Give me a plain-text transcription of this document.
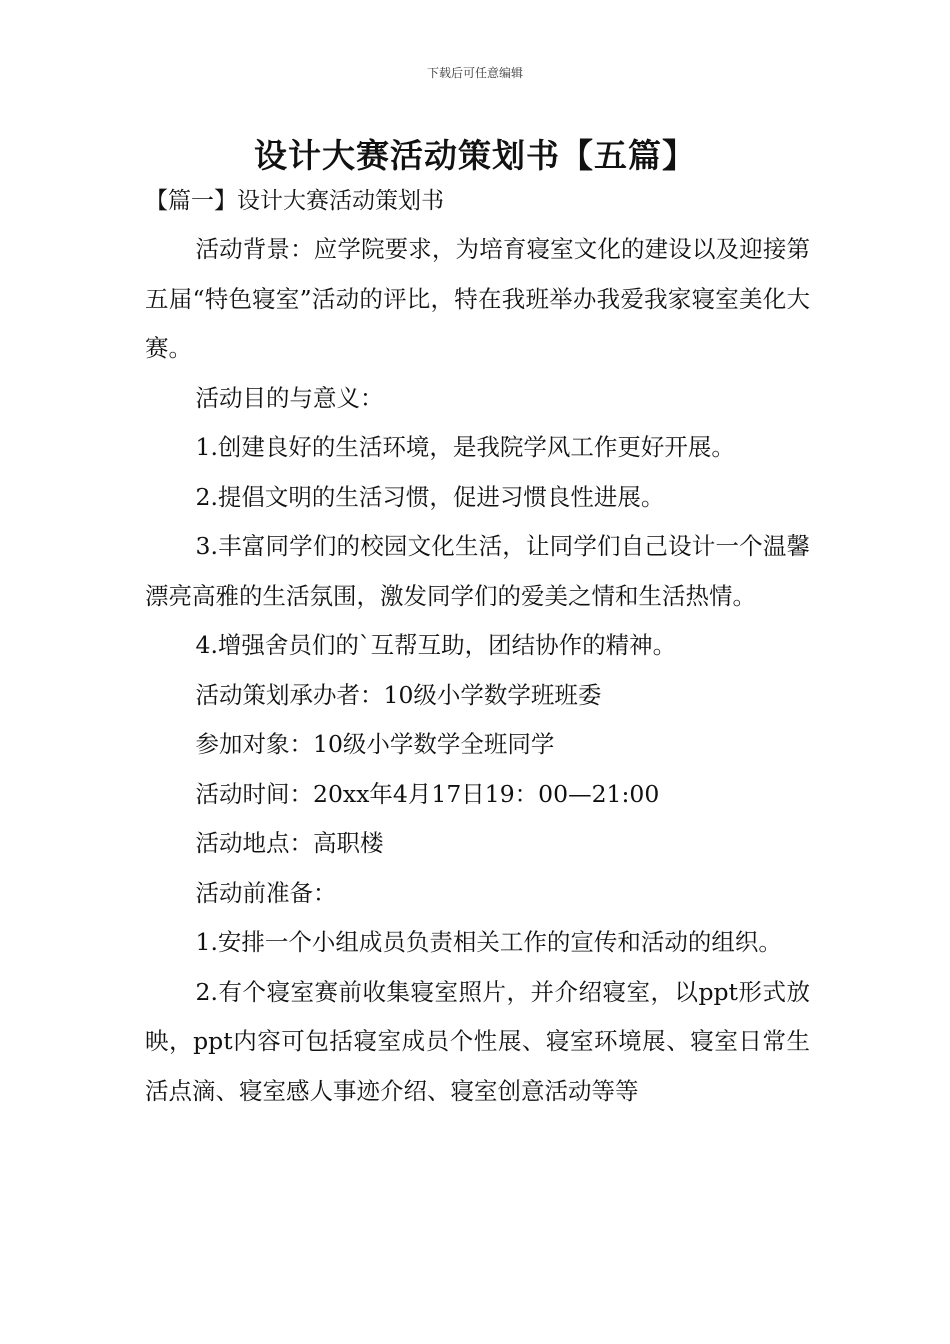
下载后可任意编辑
设计大赛活动策划书【五篇】
【篇一】设计大赛活动策划书

活动背景：应学院要求，为培育寝室文化的建设以及迎接第五届“特色寝室”活动的评比，特在我班举办我爱我家寝室美化大赛。

活动目的与意义：

1.创建良好的生活环境，是我院学风工作更好开展。

2.提倡文明的生活习惯，促进习惯良性进展。

3.丰富同学们的校园文化生活，让同学们自己设计一个温馨漂亮高雅的生活氛围，激发同学们的爱美之情和生活热情。

4.增强舍员们的`互帮互助，团结协作的精神。

活动策划承办者：10级小学数学班班委

参加对象：10级小学数学全班同学

活动时间：20xx年4月17日19：00—21:00

活动地点：高职楼

活动前准备：

1.安排一个小组成员负责相关工作的宣传和活动的组织。

2.有个寝室赛前收集寝室照片，并介绍寝室，以ppt形式放映，ppt内容可包括寝室成员个性展、寝室环境展、寝室日常生活点滴、寝室感人事迹介绍、寝室创意活动等等
